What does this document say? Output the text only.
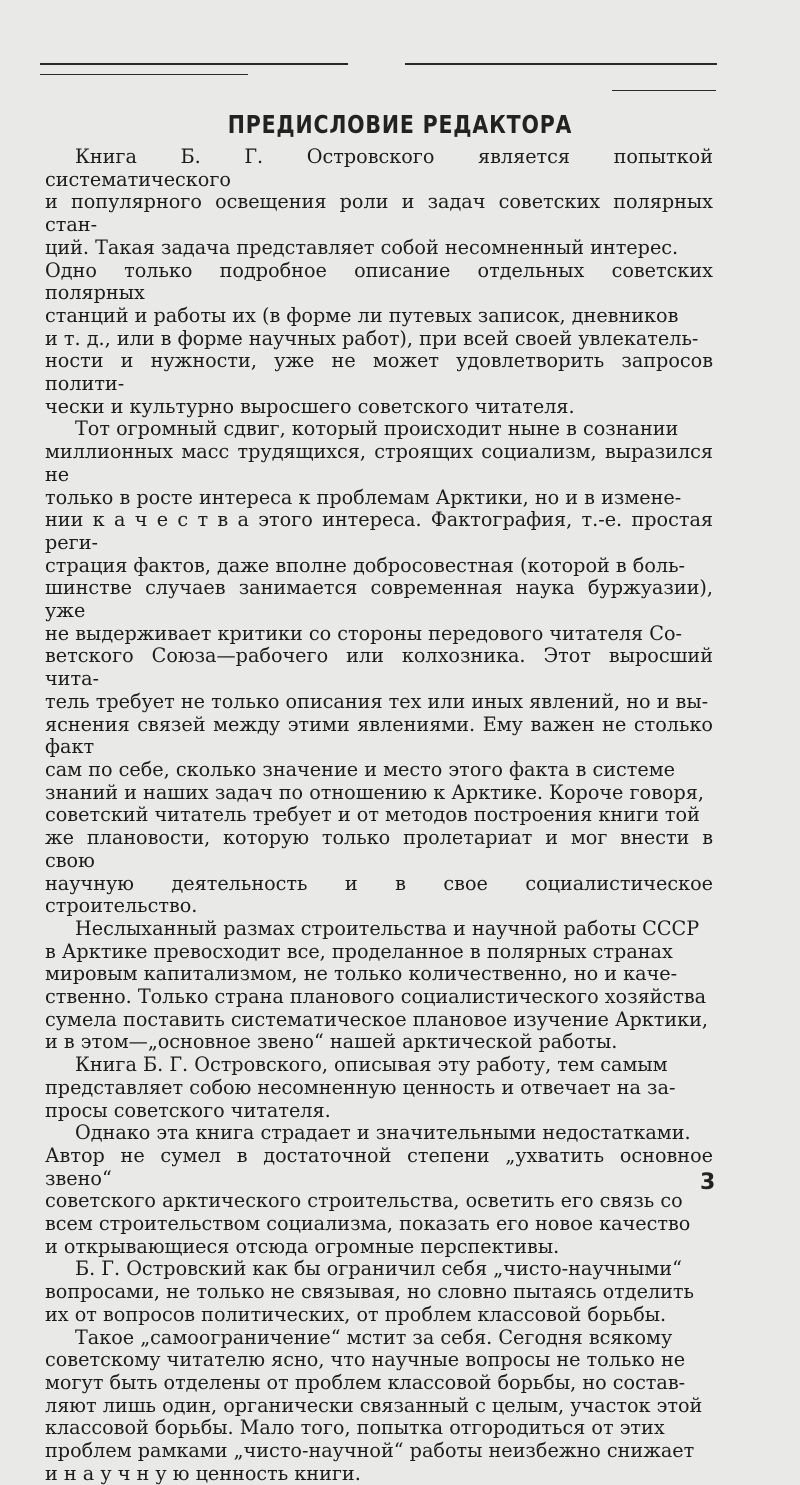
ПРЕДИСЛОВИЕ РЕДАКТОРА

Книга Б. Г. Островского является попыткой систематического
и популярного освещения роли и задач советских полярных стан-
ций. Такая задача представляет собой несомненный интерес.
Одно только подробное описание отдельных советских полярных
станций и работы их (в форме ли путевых записок, дневников
и т. д., или в форме научных работ), при всей своей увлекатель-
ности и нужности, уже не может удовлетворить запросов полити-
чески и культурно выросшего советского читателя.

Тот огромный сдвиг, который происходит ныне в сознании
миллионных масс трудящихся, строящих социализм, выразился не
только в росте интереса к проблемам Арктики, но и в измене-
нии к а ч е с т в а этого интереса. Фактография, т.-е. простая реги-
страция фактов, даже вполне добросовестная (которой в боль-
шинстве случаев занимается современная наука буржуазии), уже
не выдерживает критики со стороны передового читателя Со-
ветского Союза—рабочего или колхозника. Этот выросший чита-
тель требует не только описания тех или иных явлений, но и вы-
яснения связей между этими явлениями. Ему важен не столько факт
сам по себе, сколько значение и место этого факта в системе
знаний и наших задач по отношению к Арктике. Короче говоря,
советский читатель требует и от методов построения книги той
же плановости, которую только пролетариат и мог внести в свою
научную деятельность и в свое социалистическое строительство.

Неслыханный размах строительства и научной работы СССР
в Арктике превосходит все, проделанное в полярных странах
мировым капитализмом, не только количественно, но и каче-
ственно. Только страна планового социалистического хозяйства
сумела поставить систематическое плановое изучение Арктики,
и в этом—„основное звено“ нашей арктической работы.

Книга Б. Г. Островского, описывая эту работу, тем самым
представляет собою несомненную ценность и отвечает на за-
просы советского читателя.

Однако эта книга страдает и значительными недостатками.
Автор не сумел в достаточной степени „ухватить основное звено“
советского арктического строительства, осветить его связь со
всем строительством социализма, показать его новое качество
и открывающиеся отсюда огромные перспективы.

Б. Г. Островский как бы ограничил себя „чисто-научными“
вопросами, не только не связывая, но словно пытаясь отделить
их от вопросов политических, от проблем классовой борьбы.

Такое „самоограничение“ мстит за себя. Сегодня всякому
советскому читателю ясно, что научные вопросы не только не
могут быть отделены от проблем классовой борьбы, но состав-
ляют лишь один, органически связанный с целым, участок этой
классовой борьбы. Мало того, попытка отгородиться от этих
проблем рамками „чисто-научной“ работы неизбежно снижает
и н а у ч н у ю ценность книги.

3
